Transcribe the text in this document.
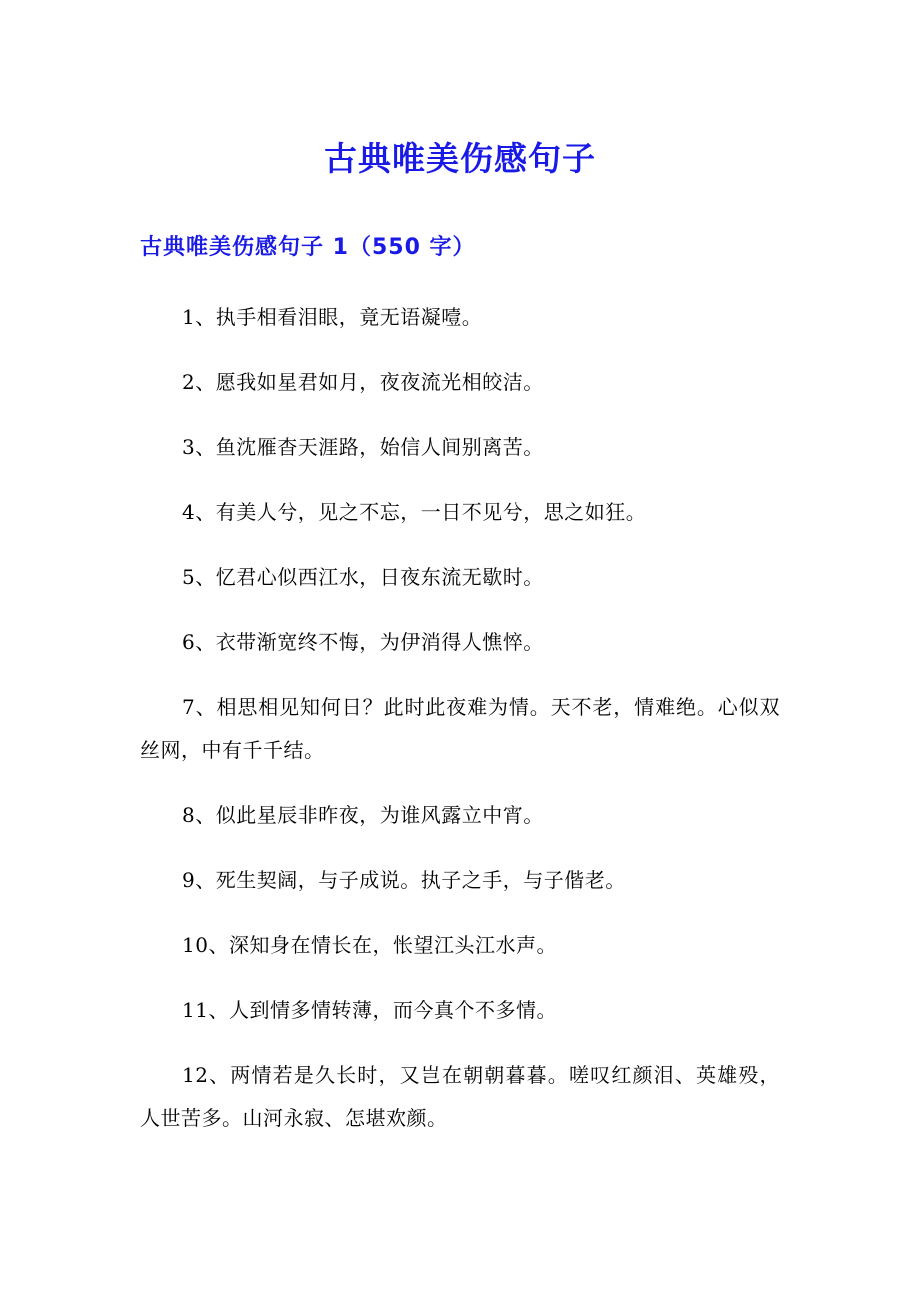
古典唯美伤感句子
古典唯美伤感句子 1（550 字）
1、执手相看泪眼，竟无语凝噎。
2、愿我如星君如月，夜夜流光相皎洁。
3、鱼沈雁杳天涯路，始信人间别离苦。
4、有美人兮，见之不忘，一日不见兮，思之如狂。
5、忆君心似西江水，日夜东流无歇时。
6、衣带渐宽终不悔，为伊消得人憔悴。
7、相思相见知何日？此时此夜难为情。天不老，情难绝。心似双丝网，中有千千结。
8、似此星辰非昨夜，为谁风露立中宵。
9、死生契阔，与子成说。执子之手，与子偕老。
10、深知身在情长在，怅望江头江水声。
11、人到情多情转薄，而今真个不多情。
12、两情若是久长时，又岂在朝朝暮暮。嗟叹红颜泪、英雄殁，人世苦多。山河永寂、怎堪欢颜。
